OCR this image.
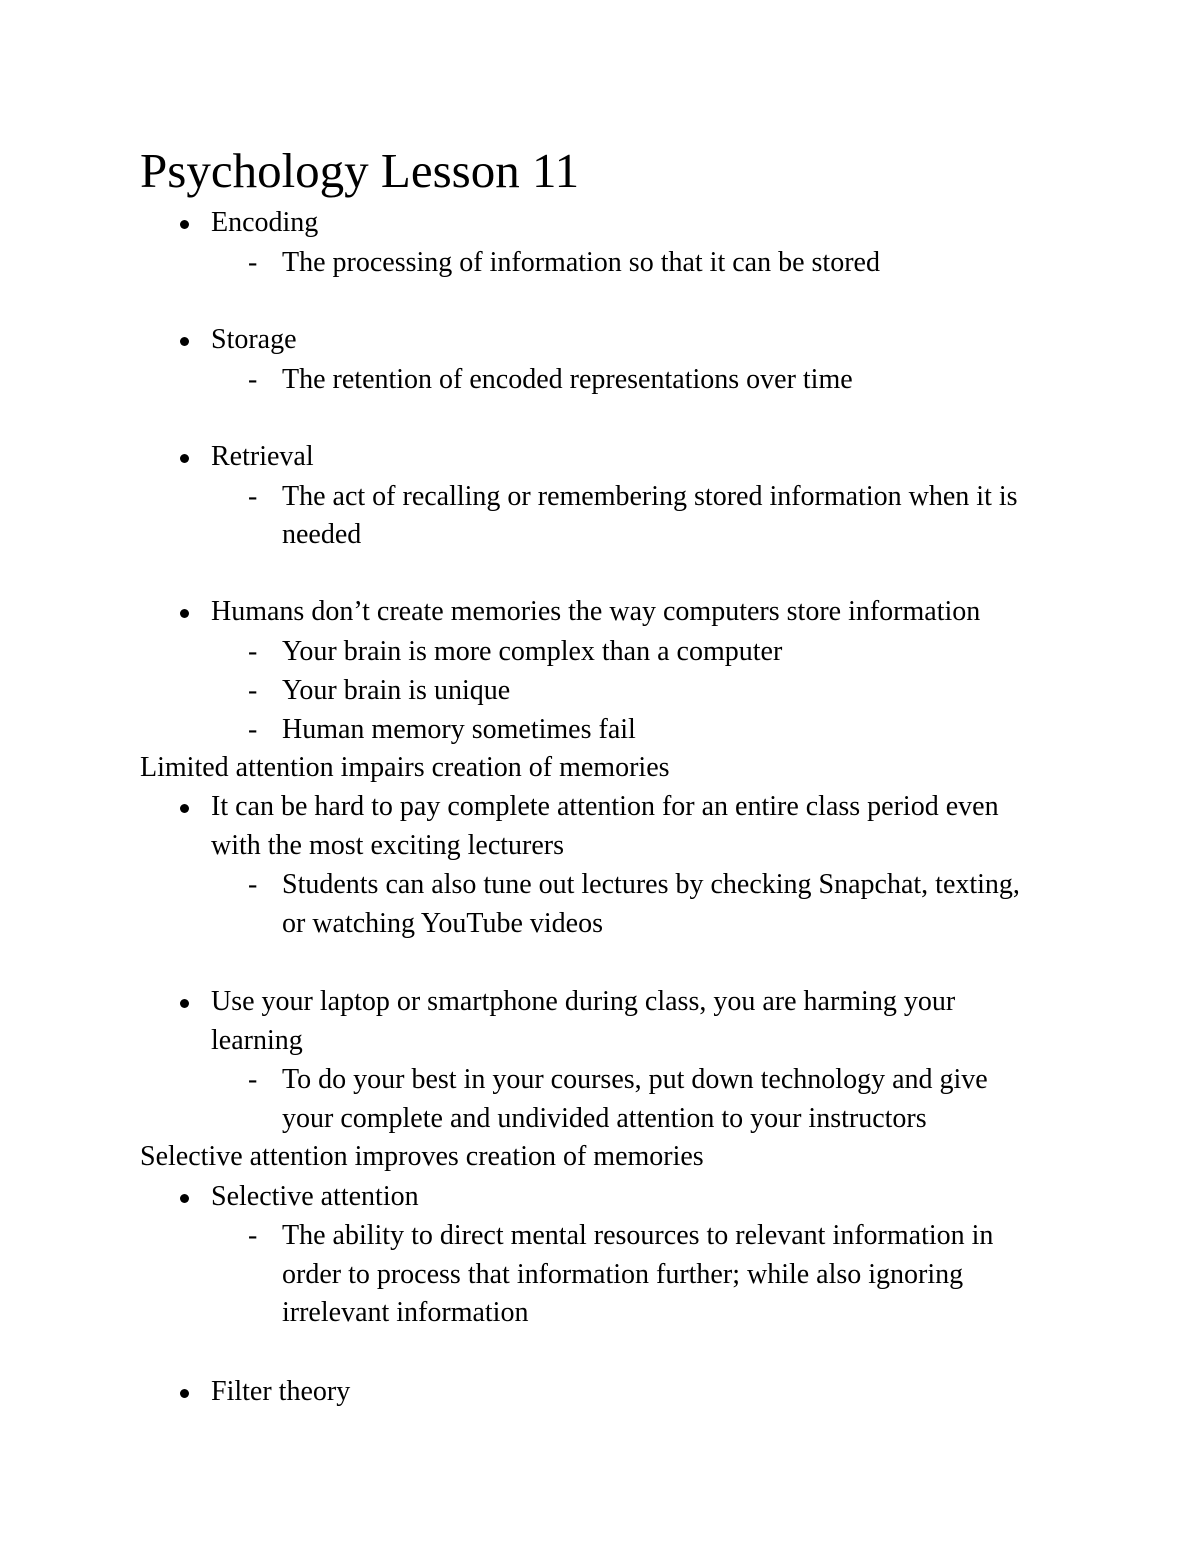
Psychology Lesson 11
Encoding
- The processing of information so that it can be stored
Storage
- The retention of encoded representations over time
Retrieval
- The act of recalling or remembering stored information when it is
needed
Humans don’t create memories the way computers store information
- Your brain is more complex than a computer
- Your brain is unique
- Human memory sometimes fail
Limited attention impairs creation of memories
It can be hard to pay complete attention for an entire class period even
with the most exciting lecturers
- Students can also tune out lectures by checking Snapchat, texting,
or watching YouTube videos
Use your laptop or smartphone during class, you are harming your
learning
- To do your best in your courses, put down technology and give
your complete and undivided attention to your instructors
Selective attention improves creation of memories
Selective attention
- The ability to direct mental resources to relevant information in
order to process that information further; while also ignoring
irrelevant information
Filter theory
